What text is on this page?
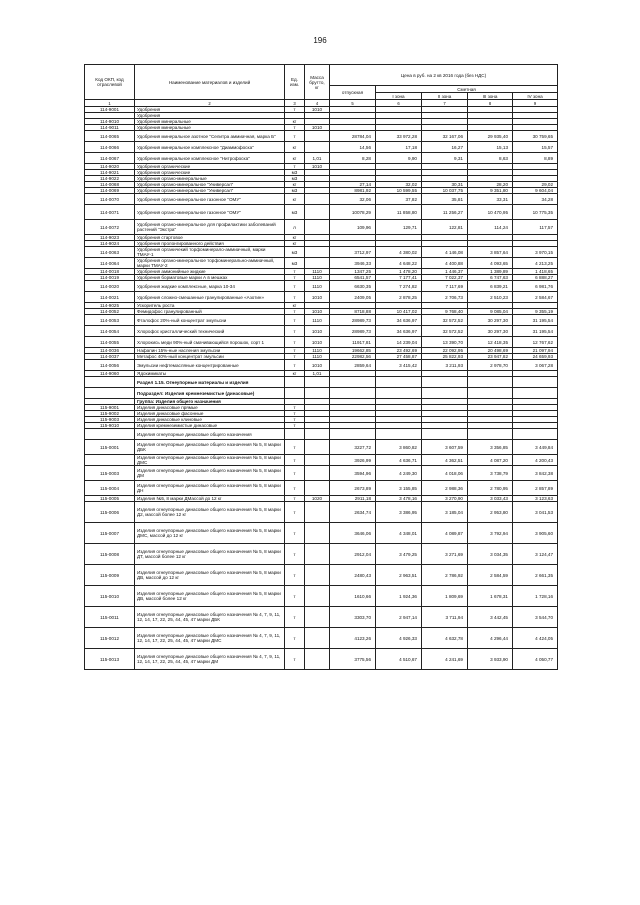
196
Код ОКП, код отраслевой	Наименование материалов и изделий	Ед. изм.	Масса брутто, кг	Цена в руб. на 2 кв 2016 года (без НДС)				
				отпускная	Сметная			
					I зона	II зона	III зона	IV зона
1	2	3	4	5	6	7	8	9
114-9001	Удобрения	т	1010					
	Удобрения							
114-9010	Удобрения минеральные	кг						
114-9011	Удобрения минеральные	т	1010					
114-0065	Удобрения минеральное азотное "Селитра аммиачная, марка Б"	т		28784,04	33 972,28	32 167,06	29 935,40	30 759,65
114-0066	Удобрения минеральное комплексное "Диаммофоска"	кг		14,56	17,18	16,27	15,13	15,57
114-0067	Удобрения минеральное комплексное "Нитрофоска"	кг	1,01	8,28	9,90	9,31	8,63	8,89
114-9020	Удобрения органические	т	1010					
114-9021	Удобрения органические	м3						
114-9022	Удобрения органо-минеральные	м3						
114-0068	Удобрения органо-минеральное "Универсал"	кг		27,14	32,02	30,31	28,20	29,02
114-0069	Удобрения органо-минеральное "Универсал"	м3		8981,92	10 599,55	10 037,75	9 351,80	9 604,04
114-0070	Удобрения органо-минеральное газонное "ОМУ"	кг		32,06	37,82	35,81	33,31	34,28
114-0071	Удобрения органо-минеральное газонное "ОМУ"	м3		10078,29	11 858,80	11 256,27	10 470,95	10 775,35
114-0072	Удобрения органо-минеральное для профилактики заболеваний растений "Экстра"	л		109,96	129,71	122,81	114,24	117,57
114-9023	Удобрения стартовое	кг						
114-9024	Удобрения пролонгированного действия	кг						
114-0063	Удобрения органичекий торфоминерало-аммиачный, марки ТМАУ-1	м3		3712,97	4 380,02	4 146,08	3 857,64	3 970,15
114-0064	Удобрения органо-минеральное торфоминерально-аммиачный, марки ТМАУ-2	м3		3946,33	4 648,22	4 400,88	4 093,65	4 213,25
114-0018	Удобрения аммонийные жидкие	т	1110	1347,25	1 478,20	1 446,37	1 389,89	1 418,65
114-0019	Удобрения борматовые марки А в мешках	т	1110	6541,57	7 177,41	7 022,37	6 747,63	6 888,27
114-0020	Удобрения жидкие комплексные, марка 10-34	т	1110	6630,35	7 274,82	7 117,69	6 839,21	6 981,76
114-0021	Удобрения сложно-смешанные гранулированные «Азотин»	т	1010	2409,05	2 878,25	2 706,73	2 510,23	2 584,67
114-9025	Ускоритель роста	кг						
114-0052	Фемидофос гранулированный	т	1010	8718,88	10 417,02	9 768,40	9 085,04	9 355,19
114-0053	Фталофос 20%-ный концентрат эмульсии	т	1110	28989,73	34 636,97	32 572,52	30 297,30	31 195,54
114-0054	Хлорофос кристаллический технический	т	1010	28989,73	34 636,97	32 572,52	30 297,30	31 195,54
114-0055	Хлорокись меди 90%-ный смачивающийся порошок, сорт 1	т	1010	11917,81	14 239,04	13 390,70	12 418,35	12 767,62
114-0036	Нафапин 15%-ные насления эмульсии	т	1110	19662,85	23 492,69	22 092,95	20 498,69	21 097,94
114-0037	Метафос 40%-ный концентрат эмульсии	т	1110	22982,56	27 458,87	25 822,93	23 947,82	24 659,93
114-0056	Эмульсии нефтемасляные концентрированные	т	1010	2859,64	3 415,42	3 211,93	2 978,70	3 067,28
114-9060	Ядохимикаты	кг	1,01					
	Раздел 1.15. Огнеупорные материалы и изделия							
	Подраздел: Изделия кремнеземистые (динасовые)							
	Группа: Изделия общего назначения							
115-9001	Изделия динасовые прямые	т						
115-9002	Изделия динасовые фасонные	т						
115-9003	Изделия динасовые клиновые	т						
115-9010	Изделия кремнеземистые динасовые	т						
	Изделия огнеупорные динасовые общего назначения							
115-0001	Изделия огнеупорные динасовые общего назначения № 5, 8 марки ДБК	т		3227,72	3 860,82	3 607,59	3 356,85	3 449,84
	Изделия огнеупорные динасовые общего назначения № 5, 8 марки ДМС	т		3926,99	4 636,71	4 362,51	4 087,20	4 200,43
115-0003	Изделия огнеупорные динасовые общего назначения № 5, 8 марки ДМ	т		3594,96	4 249,30	4 018,06	3 738,79	3 842,38
115-0004	Изделия огнеупорные динасовые общего назначения № 5, 8 марки ДН	т		2673,89	3 155,85	2 988,36	2 780,95	2 857,89
115-0005	Изделия №5, 8 марки ДМассой до 12 кг	т	1020	2911,18	3 478,16	3 270,90	3 033,43	3 123,63
115-0006	Изделия огнеупорные динасовые общего назначения № 5, 8 марки Д2, массой более 12 кг	т		2634,74	3 386,95	3 185,04	2 953,80	3 041,53
115-0007	Изделия огнеупорные динасовые общего назначения № 5, 8 марки ДМС, массой до 12 кг	т		3646,06	4 348,01	4 089,87	3 792,94	3 905,60
115-0008	Изделия огнеупорные динасовые общего назначения № 5, 8 марки ДТ, массой более 12 кг	т		2912,04	3 479,25	3 271,69	3 034,35	3 124,47
115-0009	Изделия огнеупорные динасовые общего назначения № 5, 8 марки ДВ, массой до 12 кг	т		2480,43	2 963,51	2 786,92	2 584,59	2 661,35
115-0010	Изделия огнеупорные динасовые общего назначения № 5, 8 марки ДВ, массой более 12 кг	т		1610,66	1 924,36	1 809,69	1 678,31	1 728,16
115-0011	Изделия огнеупорные динасовые общего назначения № 4, 7, 9, 11, 12, 14, 17, 22, 25, 44, 45, 47 марки ДБК	т		3303,70	2 947,14	3 711,94	3 442,45	3 544,70
115-0012	Изделия огнеупорные динасовые общего назначения № 4, 7, 9, 11, 12, 14, 17, 22, 25, 44, 45, 47 марки ДМС	т		4123,26	4 926,33	4 632,78	4 296,44	4 424,05
115-0013	Изделия огнеупорные динасовые общего назначения № 4, 7, 9, 11, 12, 14, 17, 22, 25, 44, 45, 47 марки ДМ	т		3775,56	4 510,67	4 241,69	3 933,90	4 050,77
